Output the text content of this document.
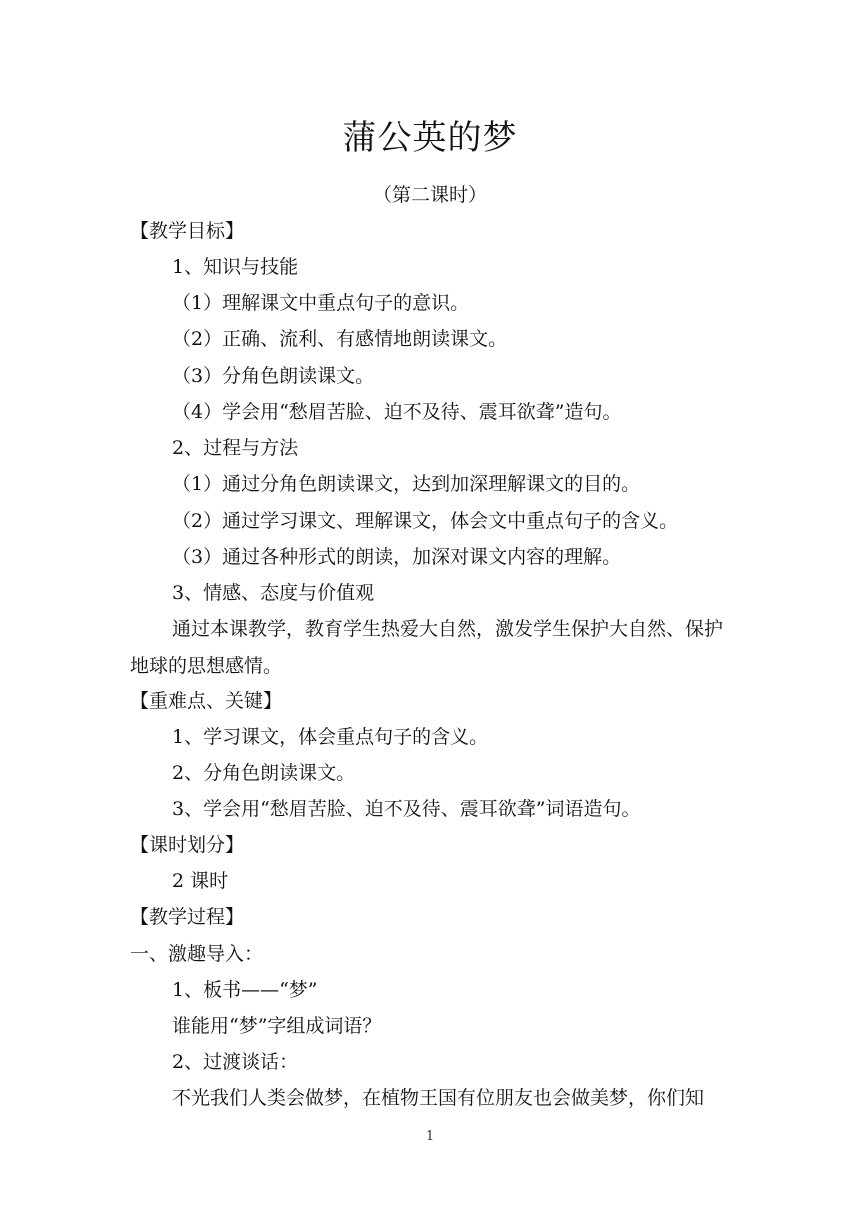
蒲公英的梦
（第二课时）
【教学目标】
1、知识与技能
（1）理解课文中重点句子的意识。
（2）正确、流利、有感情地朗读课文。
（3）分角色朗读课文。
（4）学会用“愁眉苦脸、迫不及待、震耳欲聋”造句。
2、过程与方法
（1）通过分角色朗读课文，达到加深理解课文的目的。
（2）通过学习课文、理解课文，体会文中重点句子的含义。
（3）通过各种形式的朗读，加深对课文内容的理解。
3、情感、态度与价值观
通过本课教学，教育学生热爱大自然，激发学生保护大自然、保护地球的思想感情。
【重难点、关键】
1、学习课文，体会重点句子的含义。
2、分角色朗读课文。
3、学会用“愁眉苦脸、迫不及待、震耳欲聋”词语造句。
【课时划分】
2 课时
【教学过程】
一、激趣导入：
1、板书——“梦”
谁能用“梦”字组成词语？
2、过渡谈话：
不光我们人类会做梦，在植物王国有位朋友也会做美梦，你们知
1
